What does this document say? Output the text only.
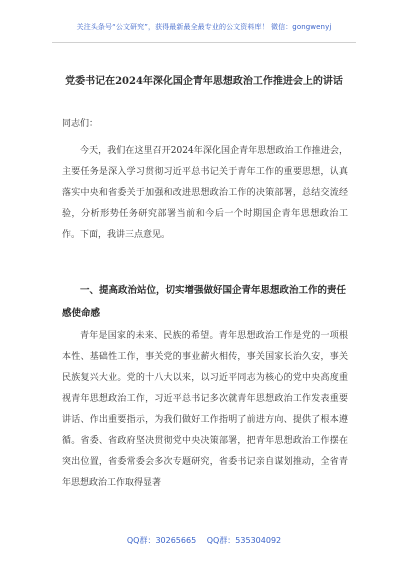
关注头条号“公文研究”，获得最新最全最专业的公文资料库！ 微信：gongwenyj
党委书记在2024年深化国企青年思想政治工作推进会上的讲话
同志们：
今天，我们在这里召开2024年深化国企青年思想政治工作推进会，主要任务是深入学习贯彻习近平总书记关于青年工作的重要思想，认真落实中央和省委关于加强和改进思想政治工作的决策部署，总结交流经验，分析形势任务研究部署当前和今后一个时期国企青年思想政治工作。下面，我讲三点意见。
一、提高政治站位，切实增强做好国企青年思想政治工作的责任感使命感
青年是国家的未来、民族的希望。青年思想政治工作是党的一项根本性、基础性工作，事关党的事业薪火相传，事关国家长治久安，事关民族复兴大业。党的十八大以来，以习近平同志为核心的党中央高度重视青年思想政治工作，习近平总书记多次就青年思想政治工作发表重要讲话、作出重要指示，为我们做好工作指明了前进方向、提供了根本遵循。省委、省政府坚决贯彻党中央决策部署，把青年思想政治工作摆在突出位置，省委常委会多次专题研究，省委书记亲自谋划推动，全省青年思想政治工作取得显著
QQ群：30265665 QQ群：535304092
